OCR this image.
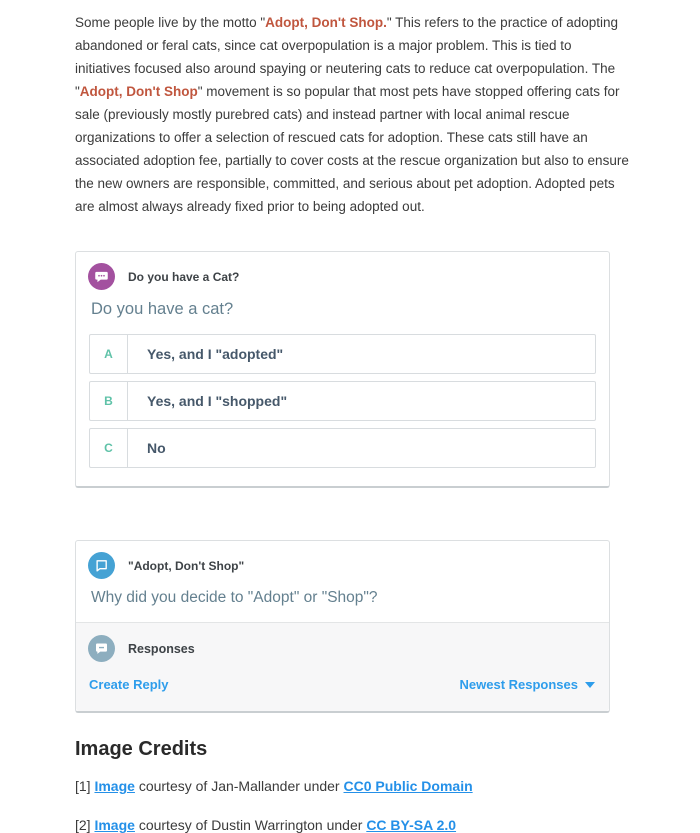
Some people live by the motto "Adopt, Don't Shop." This refers to the practice of adopting abandoned or feral cats, since cat overpopulation is a major problem. This is tied to initiatives focused also around spaying or neutering cats to reduce cat overpopulation. The "Adopt, Don't Shop" movement is so popular that most pets have stopped offering cats for sale (previously mostly purebred cats) and instead partner with local animal rescue organizations to offer a selection of rescued cats for adoption. These cats still have an associated adoption fee, partially to cover costs at the rescue organization but also to ensure the new owners are responsible, committed, and serious about pet adoption. Adopted pets are almost always already fixed prior to being adopted out.

Do you have a Cat?
Do you have a cat?
A	Yes, and I "adopted"
B	Yes, and I "shopped"
C	No
"Adopt, Don't Shop"
Why did you decide to "Adopt" or "Shop"?
Responses
Create Reply	Newest Responses
Image Credits

[1] Image courtesy of Jan-Mallander under CC0 Public Domain

[2] Image courtesy of Dustin Warrington under CC BY-SA 2.0
